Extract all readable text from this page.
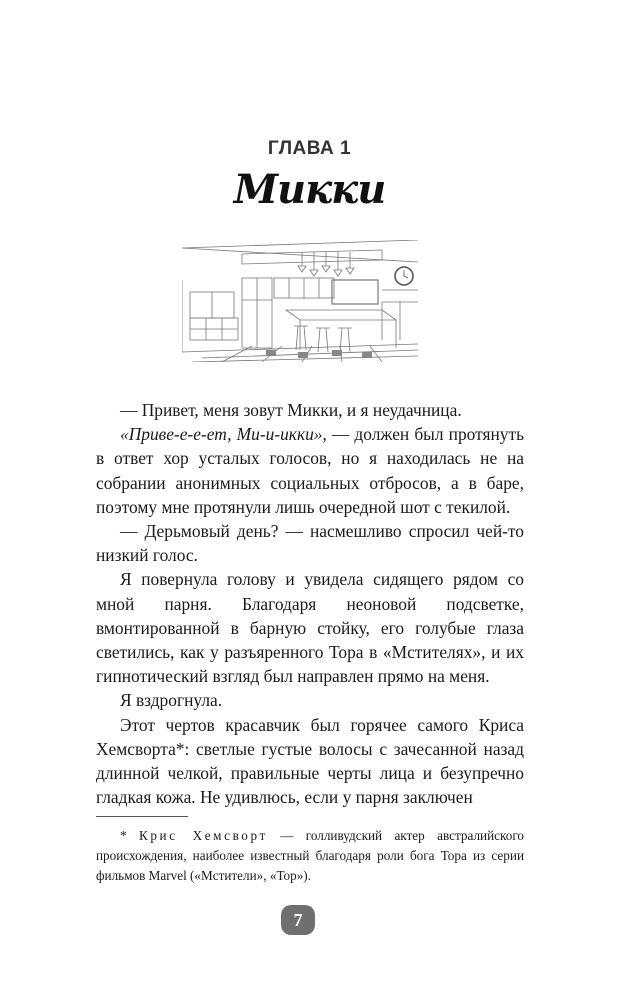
ГЛАВА 1
Микки

— Привет, меня зовут Микки, и я неудачница.

«Приве-е-е-ет, Ми-и-икки», — должен был протянуть в ответ хор усталых голосов, но я находилась не на собрании анонимных социальных отбросов, а в баре, поэтому мне протянули лишь очередной шот с текилой.

— Дерьмовый день? — насмешливо спросил чей-то низкий голос.

Я повернула голову и увидела сидящего рядом со мной парня. Благодаря неоновой подсветке, вмонтированной в барную стойку, его голубые глаза светились, как у разъяренного Тора в «Мстителях», и их гипнотический взгляд был направлен прямо на меня.

Я вздрогнула.

Этот чертов красавчик был горячее самого Криса Хемсворта*: светлые густые волосы с зачесанной назад длинной челкой, правильные черты лица и безупречно гладкая кожа. Не удивлюсь, если у парня заключен

* Крис Хемсворт — голливудский актер австралийского происхождения, наиболее известный благодаря роли бога Тора из серии фильмов Marvel («Мстители», «Тор»).
7
